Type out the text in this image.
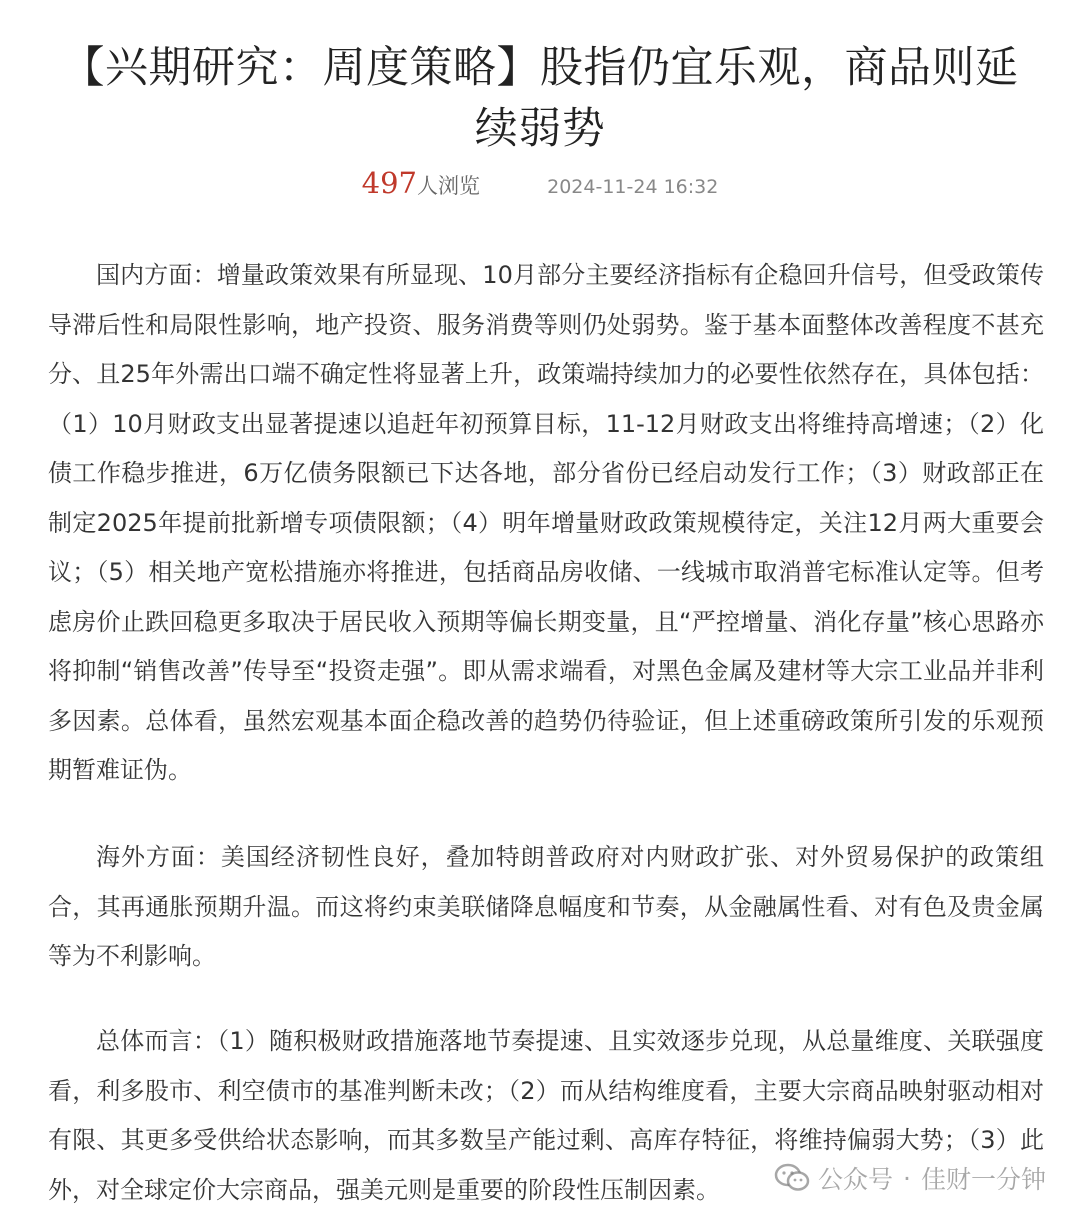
【兴期研究：周度策略】股指仍宜乐观，商品则延续弱势
497人浏览	2024-11-24 16:32

国内方面：增量政策效果有所显现、10月部分主要经济指标有企稳回升信号，但受政策传导滞后性和局限性影响，地产投资、服务消费等则仍处弱势。鉴于基本面整体改善程度不甚充分、且25年外需出口端不确定性将显著上升，政策端持续加力的必要性依然存在，具体包括：（1）10月财政支出显著提速以追赶年初预算目标，11-12月财政支出将维持高增速；（2）化债工作稳步推进，6万亿债务限额已下达各地，部分省份已经启动发行工作；（3）财政部正在制定2025年提前批新增专项债限额；（4）明年增量财政政策规模待定，关注12月两大重要会议；（5）相关地产宽松措施亦将推进，包括商品房收储、一线城市取消普宅标准认定等。但考虑房价止跌回稳更多取决于居民收入预期等偏长期变量，且“严控增量、消化存量”核心思路亦将抑制“销售改善”传导至“投资走强”。即从需求端看，对黑色金属及建材等大宗工业品并非利多因素。总体看，虽然宏观基本面企稳改善的趋势仍待验证，但上述重磅政策所引发的乐观预期暂难证伪。

海外方面：美国经济韧性良好，叠加特朗普政府对内财政扩张、对外贸易保护的政策组合，其再通胀预期升温。而这将约束美联储降息幅度和节奏，从金融属性看、对有色及贵金属等为不利影响。

总体而言：（1）随积极财政措施落地节奏提速、且实效逐步兑现，从总量维度、关联强度看，利多股市、利空债市的基准判断未改；（2）而从结构维度看，主要大宗商品映射驱动相对有限、其更多受供给状态影响，而其多数呈产能过剩、高库存特征，将维持偏弱大势；（3）此外，对全球定价大宗商品，强美元则是重要的阶段性压制因素。	公众号 · 佳财一分钟
